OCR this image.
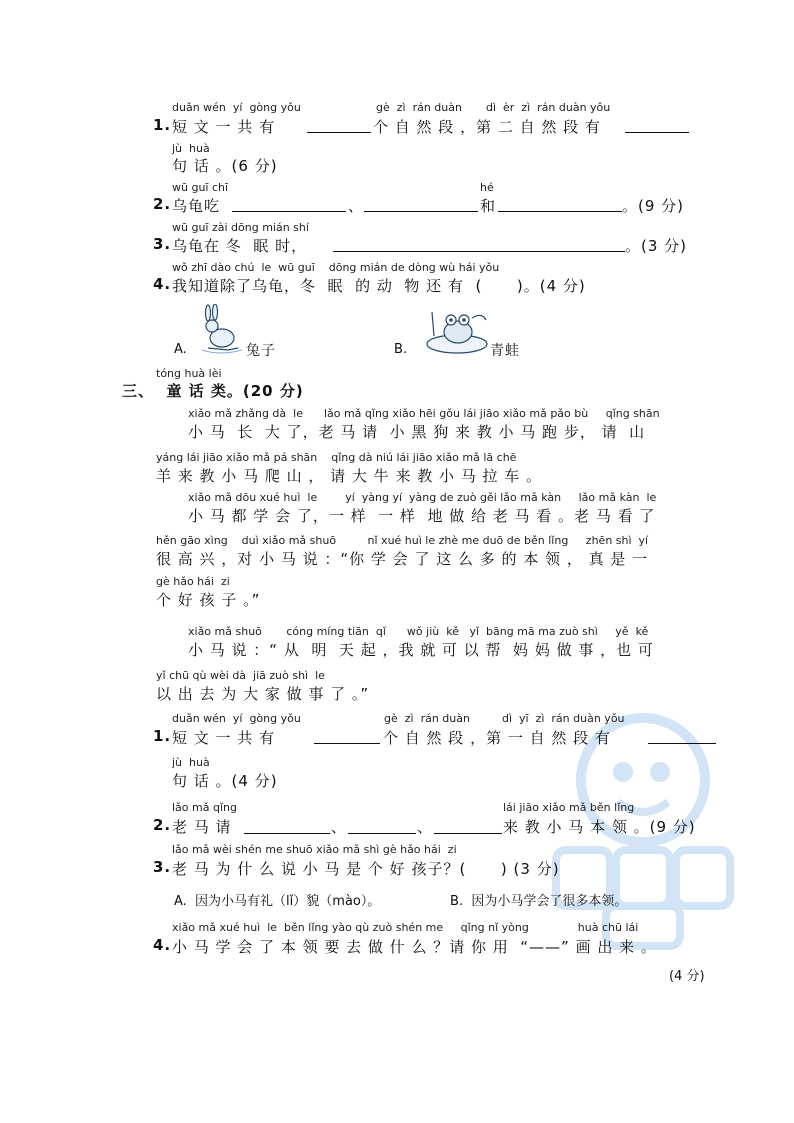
duǎn wén  yí  gòng yǒu	gè  zì  rán duàn dì  èr  zì  rán duàn yǒu
1. 短 文 一 共 有	个 自 然 段 ，第 二 自 然 段 有
jù  huà
句 话 。(6 分)
wū guī chī	hé
2. 乌龟吃	、	和	。(9 分)
wū guī zài dōng mián shí
3. 乌龟在 冬  眠 时，	。(3 分)
wǒ zhī dào chú  le  wū guī    dōng mián de dòng wù hái yǒu
4. 我知道除了乌龟，冬  眠  的 动  物 还 有  (      )。(4 分)
A.	兔子	B.	青蛙
tóng huà lèi
三、  童 话 类。(20 分)
xiǎo mǎ zhǎng dà  le      lǎo mǎ qǐng xiǎo hēi gǒu lái jiāo xiǎo mǎ pǎo bù     qǐng shān
小 马  长  大 了，老 马 请  小 黑 狗 来 教 小 马 跑 步， 请  山
yáng lái jiāo xiǎo mǎ pá shān    qǐng dà niú lái jiāo xiǎo mǎ lā chē
羊 来 教 小 马 爬 山 ， 请 大 牛 来 教 小 马 拉 车 。
xiǎo mǎ dōu xué huì  le        yí  yàng yí  yàng de zuò gěi lǎo mǎ kàn     lǎo mǎ kàn  le
小 马 都 学 会 了，一 样  一 样  地 做 给 老 马 看 。老 马 看 了
hěn gāo xìng    duì xiǎo mǎ shuō         nǐ xué huì le zhè me duō de běn lǐng     zhēn shì  yí
很 高 兴 ，对 小 马 说 ：“你 学 会 了 这 么 多 的 本 领 ， 真 是 一
gè hǎo hái  zi
个 好 孩 子 。”
xiǎo mǎ shuō       cóng míng tiān  qǐ      wǒ jiù  kě   yǐ  bāng mā ma zuò shì     yě  kě
小 马 说 ：“ 从  明  天 起 ，我 就 可 以 帮  妈 妈 做 事 ，也 可
yǐ chū qù wèi dà  jiā zuò shì  le
以 出 去 为 大 家 做 事 了 。”
duǎn wén  yí  gòng yǒu	gè  zì  rán duàn	dì  yī  zì  rán duàn yǒu
1. 短 文 一 共 有	个 自 然 段 ，第 一 自 然 段 有
jù  huà
句 话 。(4 分)
lǎo mǎ qǐng	lái jiāo xiǎo mǎ běn lǐng
2. 老 马 请	、	、	来 教 小 马 本 领 。(9 分)
lǎo mǎ wèi shén me shuō xiǎo mǎ shì gè hǎo hái  zi
3. 老 马 为 什 么 说 小 马 是 个 好 孩子？(      ) (3 分)
A.  因为小马有礼（lǐ）貌（mào）。	B.  因为小马学会了很多本领。
xiǎo mǎ xué huì  le  běn lǐng yào qù zuò shén me     qǐng nǐ yòng              huà chū lái
4. 小 马 学 会 了 本 领 要 去 做 什 么 ？请 你 用  “——” 画 出 来 。
(4 分)
